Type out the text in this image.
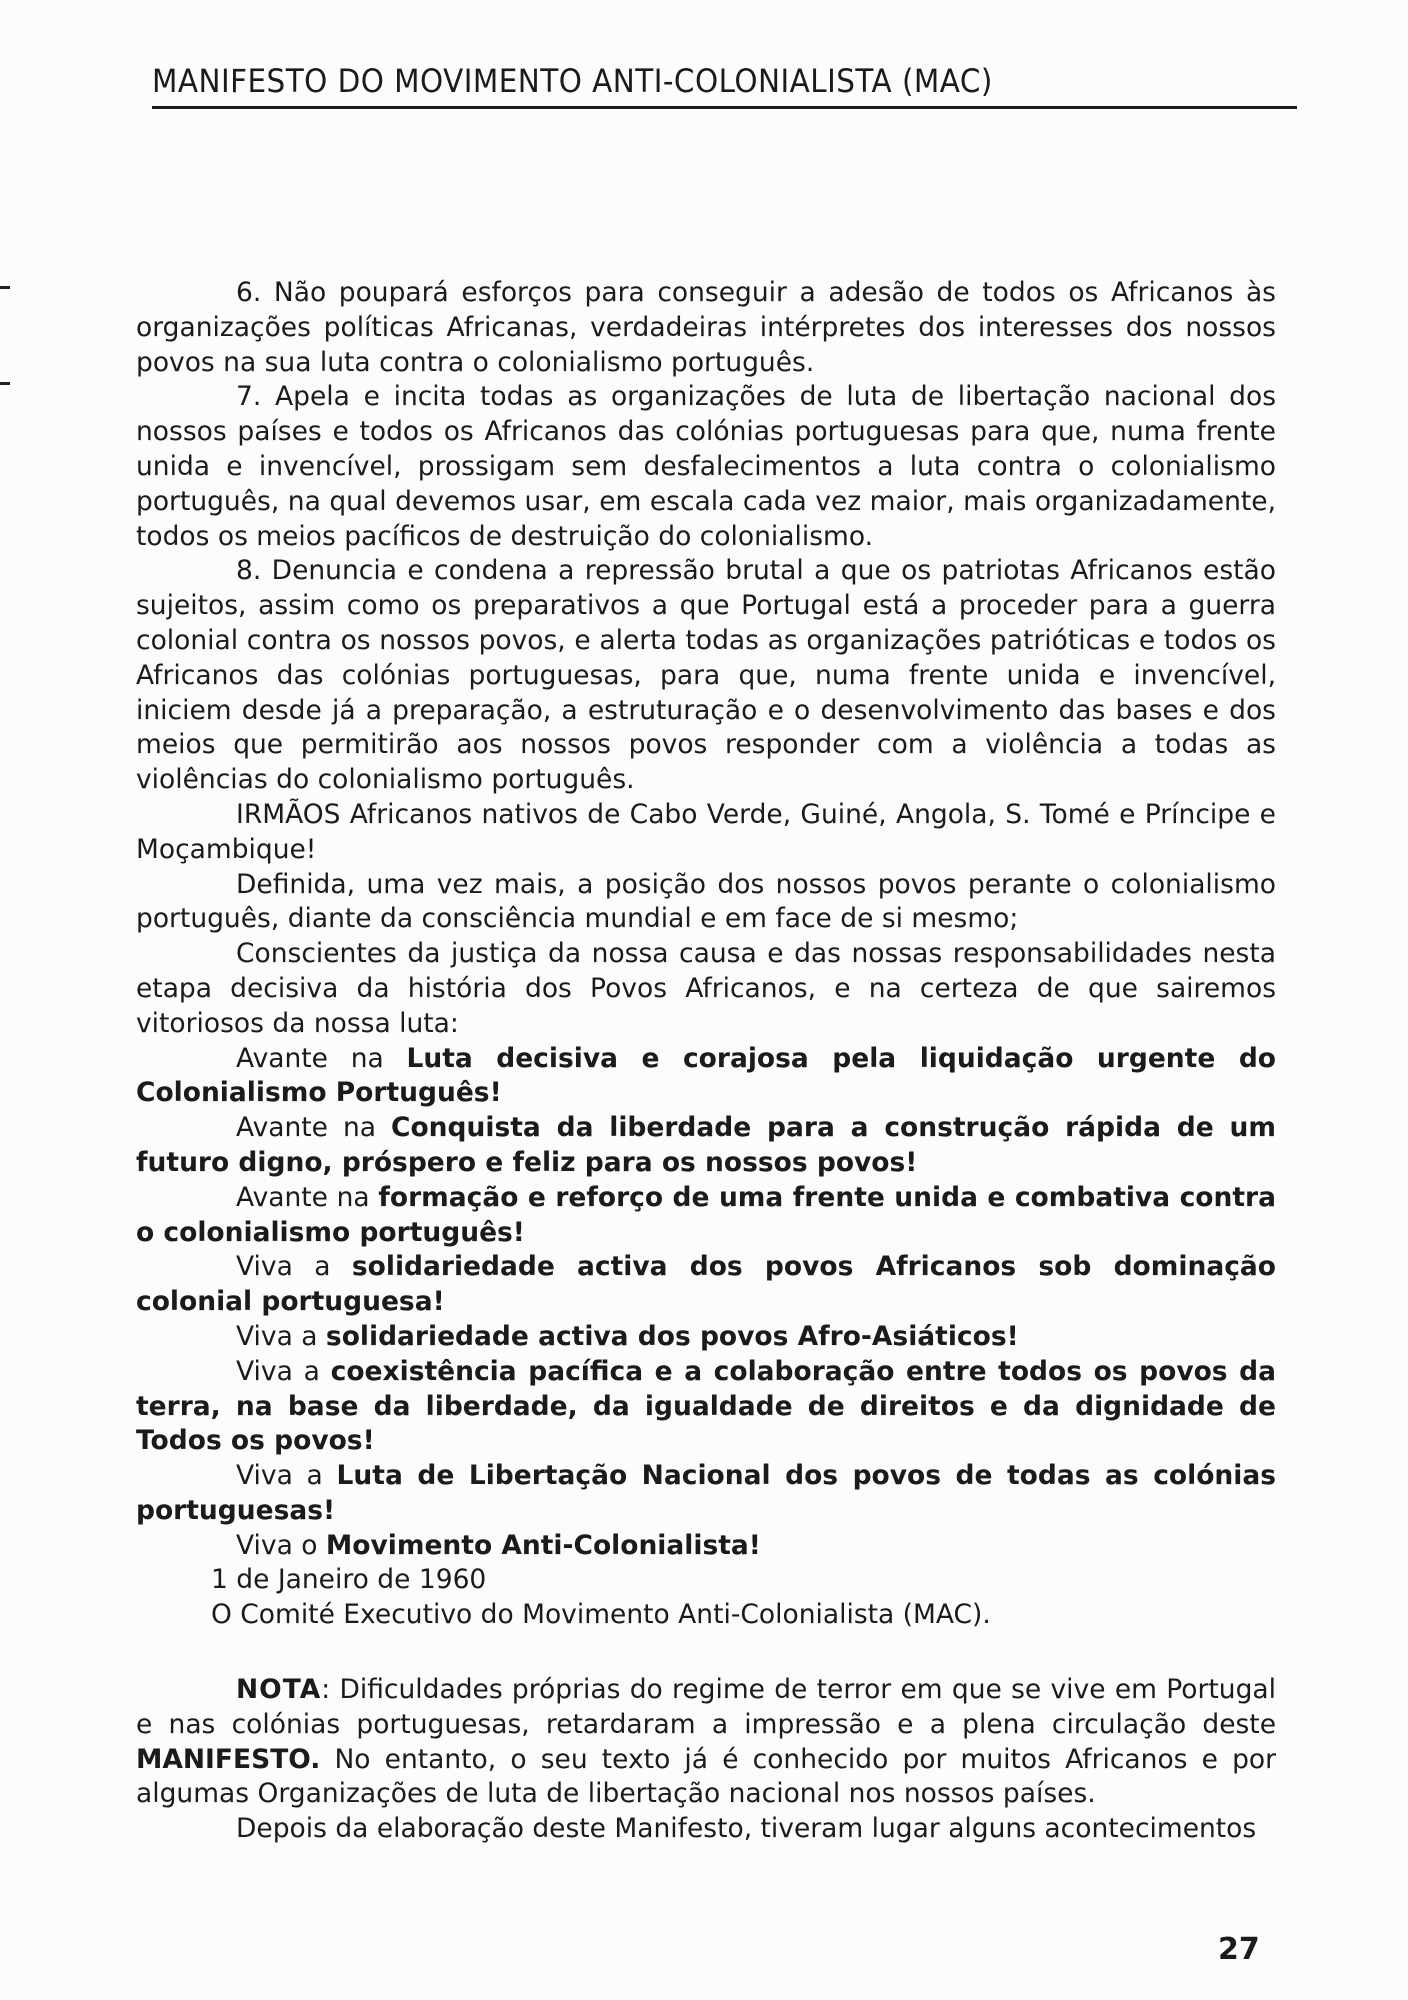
MANIFESTO DO MOVIMENTO ANTI-COLONIALISTA (MAC)

6. Não poupará esforços para conseguir a adesão de todos os Africanos às organizações políticas Africanas, verdadeiras intérpretes dos interesses dos nossos povos na sua luta contra o colonialismo português.

7. Apela e incita todas as organizações de luta de libertação nacional dos nossos países e todos os Africanos das colónias portuguesas para que, numa frente unida e invencível, prossigam sem desfalecimentos a luta contra o colonialismo português, na qual devemos usar, em escala cada vez maior, mais organizadamente, todos os meios pacíficos de destruição do colonialismo.

8. Denuncia e condena a repressão brutal a que os patriotas Africanos estão sujeitos, assim como os preparativos a que Portugal está a proceder para a guerra colonial contra os nossos povos, e alerta todas as organizações patrióticas e todos os Africanos das colónias portuguesas, para que, numa frente unida e invencível, iniciem desde já a preparação, a estruturação e o desenvolvimento das bases e dos meios que permitirão aos nossos povos responder com a violência a todas as violências do colonialismo português.

IRMÃOS Africanos nativos de Cabo Verde, Guiné, Angola, S. Tomé e Príncipe e Moçambique!

Definida, uma vez mais, a posição dos nossos povos perante o colonialismo português, diante da consciência mundial e em face de si mesmo;

Conscientes da justiça da nossa causa e das nossas responsabilidades nesta etapa decisiva da história dos Povos Africanos, e na certeza de que sairemos vitoriosos da nossa luta:

Avante na Luta decisiva e corajosa pela liquidação urgente do Colonialismo Português!

Avante na Conquista da liberdade para a construção rápida de um futuro digno, próspero e feliz para os nossos povos!

Avante na formação e reforço de uma frente unida e combativa contra o colonialismo português!

Viva a solidariedade activa dos povos Africanos sob dominação colonial portuguesa!

Viva a solidariedade activa dos povos Afro-Asiáticos!

Viva a coexistência pacífica e a colaboração entre todos os povos da terra, na base da liberdade, da igualdade de direitos e da dignidade de Todos os povos!

Viva a Luta de Libertação Nacional dos povos de todas as colónias portuguesas!

Viva o Movimento Anti-Colonialista!

1 de Janeiro de 1960

O Comité Executivo do Movimento Anti-Colonialista (MAC).

NOTA: Dificuldades próprias do regime de terror em que se vive em Portugal e nas colónias portuguesas, retardaram a impressão e a plena circulação deste MANIFESTO. No entanto, o seu texto já é conhecido por muitos Africanos e por algumas Organizações de luta de libertação nacional nos nossos países.

Depois da elaboração deste Manifesto, tiveram lugar alguns acontecimentos

27
